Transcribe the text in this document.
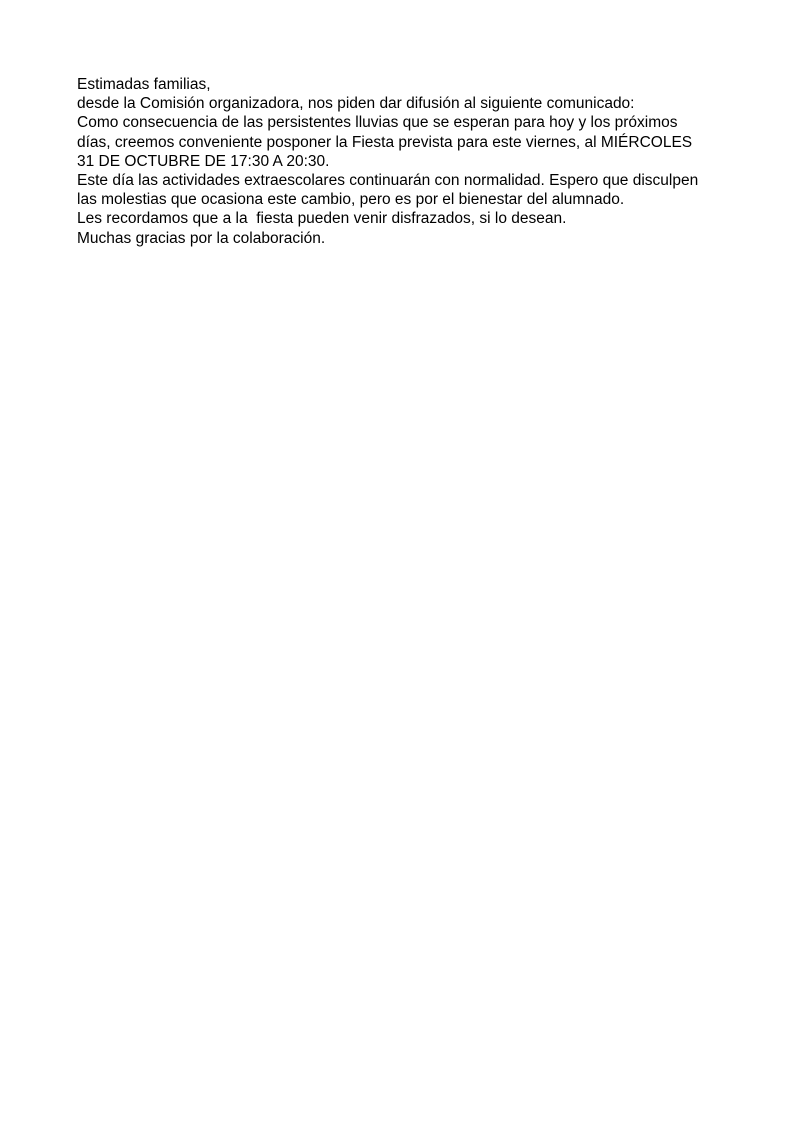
Estimadas familias,
desde la Comisión organizadora, nos piden dar difusión al siguiente comunicado:
Como consecuencia de las persistentes lluvias que se esperan para hoy y los próximos
días, creemos conveniente posponer la Fiesta prevista para este viernes, al MIÉRCOLES
31 DE OCTUBRE DE 17:30 A 20:30.
Este día las actividades extraescolares continuarán con normalidad. Espero que disculpen
las molestias que ocasiona este cambio, pero es por el bienestar del alumnado.
Les recordamos que a la  fiesta pueden venir disfrazados, si lo desean.
Muchas gracias por la colaboración.
